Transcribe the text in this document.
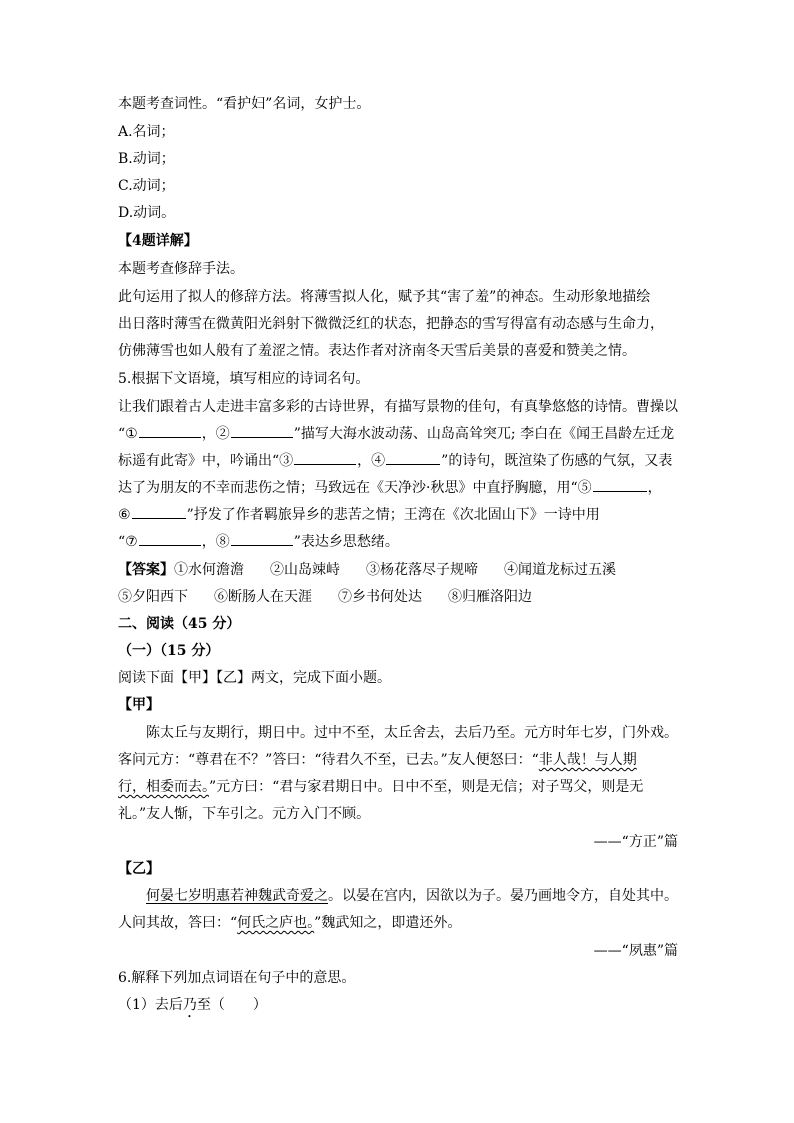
本题考查词性。“看护妇”名词，女护士。
A.名词；
B.动词；
C.动词；
D.动词。
【4题详解】
本题考查修辞手法。
此句运用了拟人的修辞方法。将薄雪拟人化，赋予其“害了羞”的神态。生动形象地描绘
出日落时薄雪在微黄阳光斜射下微微泛红的状态，把静态的雪写得富有动态感与生命力，
仿佛薄雪也如人般有了羞涩之情。表达作者对济南冬天雪后美景的喜爱和赞美之情。
5.根据下文语境，填写相应的诗词名句。
让我们跟着古人走进丰富多彩的古诗世界，有描写景物的佳句，有真挚悠悠的诗情。曹操以
“①	，②	”描写大海水波动荡、山岛高耸突兀; 李白在《闻王昌龄左迁龙
标遥有此寄》中，吟诵出“③	，④	”的诗句，既渲染了伤感的气氛，又表
达了为朋友的不幸而悲伤之情；马致远在《天净沙·秋思》中直抒胸臆，用“⑤	，
⑥	”抒发了作者羁旅异乡的悲苦之情；王湾在《次北固山下》一诗中用
“⑦	，⑧	”表达乡思愁绪。
【答案】①水何澹澹 ②山岛竦峙 ③杨花落尽子规啼 ④闻道龙标过五溪
⑤夕阳西下 ⑥断肠人在天涯 ⑦乡书何处达 ⑧归雁洛阳边
二、阅读（45 分）
（一）（15 分）
阅读下面【甲】【乙】两文，完成下面小题。
【甲】
陈太丘与友期行，期日中。过中不至，太丘舍去，去后乃至。元方时年七岁，门外戏。
客问元方：“尊君在不？”答曰：“待君久不至，已去。”友人便怒曰：“非人哉！与人期
行，相委而去。”元方曰：“君与家君期日中。日中不至，则是无信；对子骂父，则是无
礼。”友人惭，下车引之。元方入门不顾。
——“方正”篇
【乙】
何晏七岁明惠若神魏武奇爱之。以晏在宫内，因欲以为子。晏乃画地令方，自处其中。
人问其故，答曰：“何氏之庐也。”魏武知之，即遣还外。
——“夙惠”篇
6.解释下列加点词语在句子中的意思。
（1）去后乃至（　　）
